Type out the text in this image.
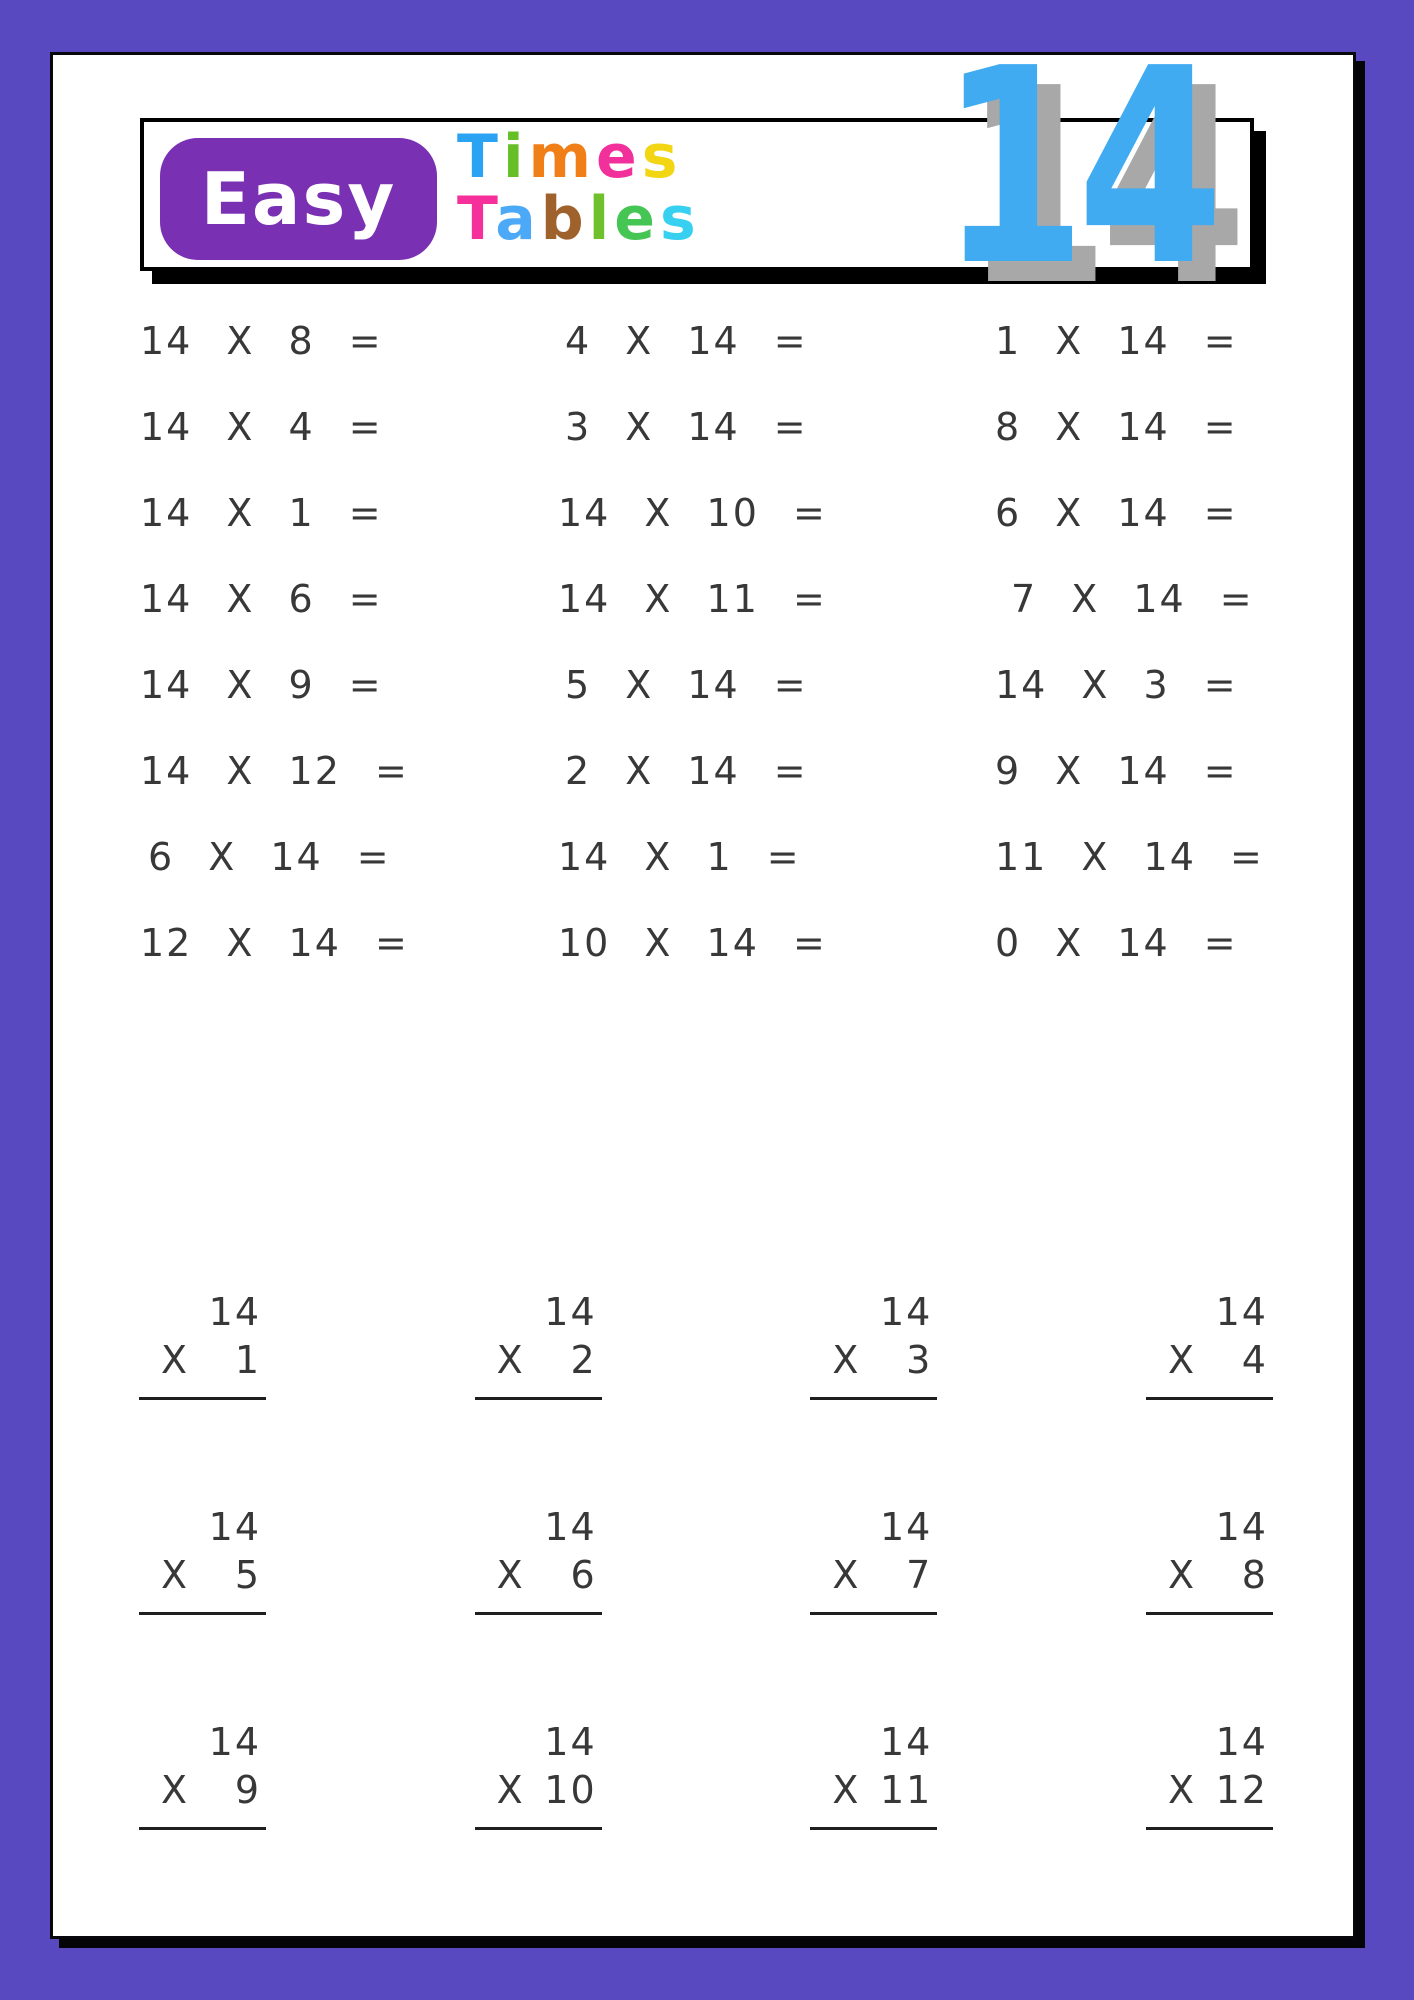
Easy Times
Tables 14
14 X 8 =
14 X 4 =
14 X 1 =
14 X 6 =
14 X 9 =
14 X 12 =
6 X 14 =
12 X 14 =
4 X 14 =
3 X 14 =
14 X 10 =
14 X 11 =
5 X 14 =
2 X 14 =
14 X 1 =
10 X 14 =
1 X 14 =
8 X 14 =
6 X 14 =
7 X 14 =
14 X 3 =
9 X 14 =
11 X 14 =
0 X 14 =
14
X 1
14
X 2
14
X 3
14
X 4
14
X 5
14
X 6
14
X 7
14
X 8
14
X 9
14
X 10
14
X 11
14
X 12
